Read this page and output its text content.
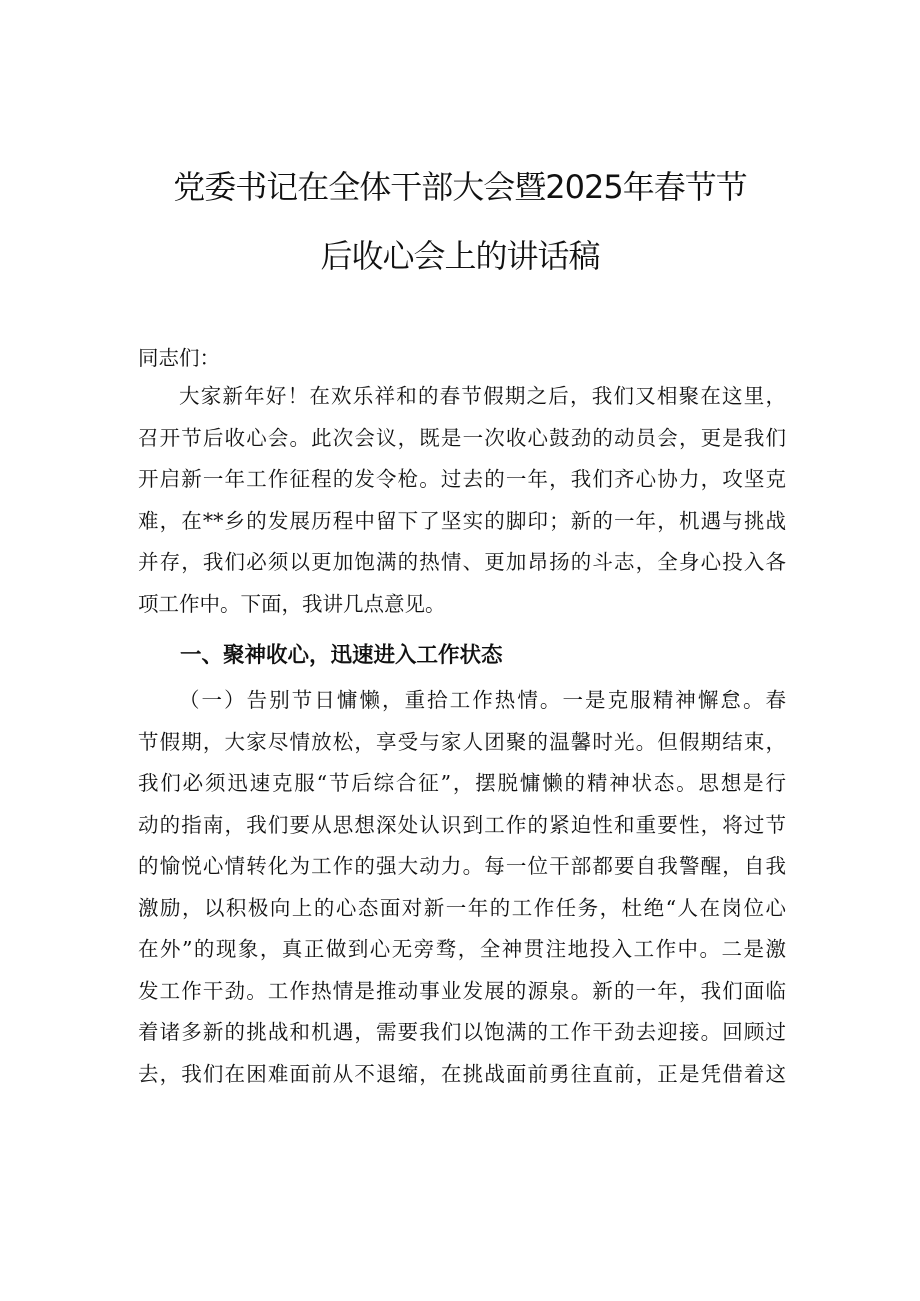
党委书记在全体干部大会暨2025年春节节
后收心会上的讲话稿

同志们：

大家新年好！在欢乐祥和的春节假期之后，我们又相聚在这里，
召开节后收心会。此次会议，既是一次收心鼓劲的动员会，更是我们
开启新一年工作征程的发令枪。过去的一年，我们齐心协力，攻坚克
难，在**乡的发展历程中留下了坚实的脚印；新的一年，机遇与挑战
并存，我们必须以更加饱满的热情、更加昂扬的斗志，全身心投入各
项工作中。下面，我讲几点意见。
一、聚神收心，迅速进入工作状态
（一）告别节日慵懒，重拾工作热情。一是克服精神懈怠。春
节假期，大家尽情放松，享受与家人团聚的温馨时光。但假期结束，
我们必须迅速克服“节后综合征”，摆脱慵懒的精神状态。思想是行
动的指南，我们要从思想深处认识到工作的紧迫性和重要性，将过节
的愉悦心情转化为工作的强大动力。每一位干部都要自我警醒，自我
激励，以积极向上的心态面对新一年的工作任务，杜绝“人在岗位心
在外”的现象，真正做到心无旁骛，全神贯注地投入工作中。二是激
发工作干劲。工作热情是推动事业发展的源泉。新的一年，我们面临
着诸多新的挑战和机遇，需要我们以饱满的工作干劲去迎接。回顾过
去，我们在困难面前从不退缩，在挑战面前勇往直前，正是凭借着这
